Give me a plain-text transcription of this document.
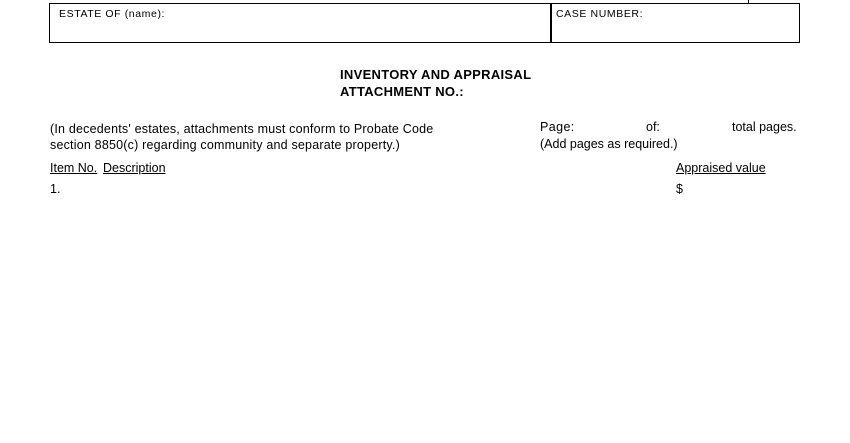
ESTATE OF (name):	CASE NUMBER:
INVENTORY AND APPRAISAL
ATTACHMENT NO.:
(In decedents' estates, attachments must conform to Probate Code
section 8850(c) regarding community and separate property.)
Page:	of:	total pages.
(Add pages as required.)
Item No. Description	Appraised value
1.	$
